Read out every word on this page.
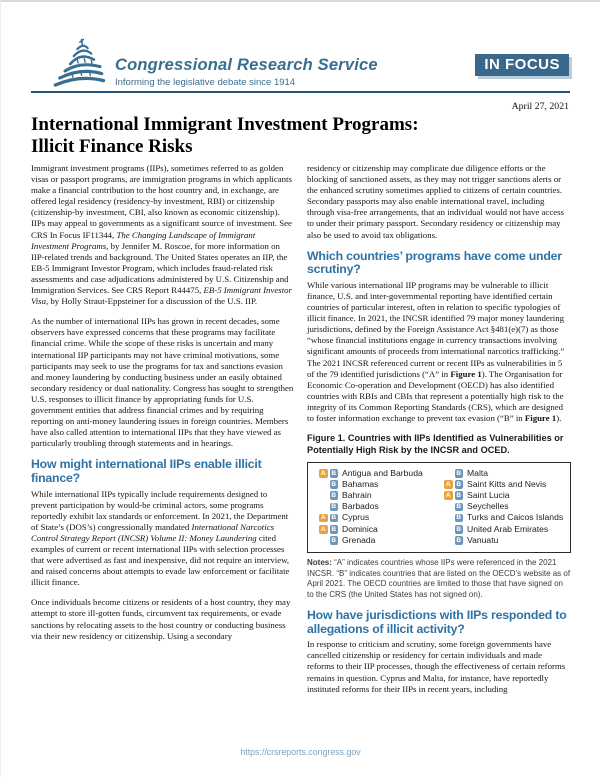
Congressional Research Service
Informing the legislative debate since 1914
IN FOCUS
April 27, 2021
International Immigrant Investment Programs:
Illicit Finance Risks

Immigrant investment programs (IIPs), sometimes referred to as golden visas or passport programs, are immigration programs in which applicants make a financial contribution to the host country and, in exchange, are offered legal residency (residency-by investment, RBI) or citizenship (citizenship-by investment, CBI, also known as economic citizenship). IIPs may appeal to governments as a significant source of investment. See CRS In Focus IF11344, The Changing Landscape of Immigrant Investment Programs, by Jennifer M. Roscoe, for more information on IIP-related trends and background. The United States operates an IIP, the EB-5 Immigrant Investor Program, which includes fraud-related risk assessments and case adjudications administered by U.S. Citizenship and Immigration Services. See CRS Report R44475, EB-5 Immigrant Investor Visa, by Holly Straut-Eppsteiner for a discussion of the U.S. IIP.

As the number of international IIPs has grown in recent decades, some observers have expressed concerns that these programs may facilitate financial crime. While the scope of these risks is uncertain and many international IIP participants may not have criminal motivations, some participants may seek to use the programs for tax and sanctions evasion and money laundering by conducting business under an easily obtained secondary residency or dual nationality. Congress has sought to strengthen U.S. responses to illicit finance by appropriating funds for U.S. government entities that address financial crimes and by requiring reporting on anti-money laundering issues in foreign countries. Members have also called attention to international IIPs that they have viewed as particularly troubling through statements and in hearings.

How might international IIPs enable illicit finance?

While international IIPs typically include requirements designed to prevent participation by would-be criminal actors, some programs reportedly exhibit lax standards or enforcement. In 2021, the Department of State’s (DOS’s) congressionally mandated International Narcotics Control Strategy Report (INCSR) Volume II: Money Laundering cited examples of current or recent international IIPs with selection processes that were advertised as fast and inexpensive, did not require an interview, and raised concerns about attempts to evade law enforcement or facilitate illicit finance.

Once individuals become citizens or residents of a host country, they may attempt to store ill-gotten funds, circumvent tax requirements, or evade sanctions by relocating assets to the host country or conducting business via their new residency or citizenship. Using a secondary

residency or citizenship may complicate due diligence efforts or the blocking of sanctioned assets, as they may not trigger sanctions alerts or the enhanced scrutiny sometimes applied to citizens of certain countries. Secondary passports may also enable international travel, including through visa-free arrangements, that an individual would not have access to under their primary passport. Secondary residency or citizenship may also be used to avoid tax obligations.

Which countries’ programs have come under scrutiny?

While various international IIP programs may be vulnerable to illicit finance, U.S. and inter-governmental reporting have identified certain countries of particular interest, often in relation to specific typologies of illicit finance. In 2021, the INCSR identified 79 major money laundering jurisdictions, defined by the Foreign Assistance Act §481(e)(7) as those “whose financial institutions engage in currency transactions involving significant amounts of proceeds from international narcotics trafficking.” The 2021 INCSR referenced current or recent IIPs as vulnerabilities in 5 of the 79 identified jurisdictions (“A” in Figure 1). The Organisation for Economic Co-operation and Development (OECD) has also identified countries with RBIs and CBIs that represent a potentially high risk to the integrity of its Common Reporting Standards (CRS), which are designed to foster information exchange to prevent tax evasion (“B” in Figure 1).

Figure 1. Countries with IIPs Identified as Vulnerabilities or Potentially High Risk by the INCSR and OCED.
A B Antigua and Barbuda
B Bahamas
B Bahrain
B Barbados
A B Cyprus
A B Dominica
B Grenada
B Malta
A B Saint Kitts and Nevis
A B Saint Lucia
B Seychelles
B Turks and Caicos Islands
B United Arab Emirates
B Vanuatu
Notes: “A” indicates countries whose IIPs were referenced in the 2021 INCSR. “B” indicates countries that are listed on the OECD’s website as of April 2021. The OECD countries are limited to those that have signed on to the CRS (the United States has not signed on).
How have jurisdictions with IIPs responded to allegations of illicit activity?

In response to criticism and scrutiny, some foreign governments have cancelled citizenship or residency for certain individuals and made reforms to their IIP processes, though the effectiveness of certain reforms remains in question. Cyprus and Malta, for instance, have reportedly instituted reforms for their IIPs in recent years, including

https://crsreports.congress.gov
